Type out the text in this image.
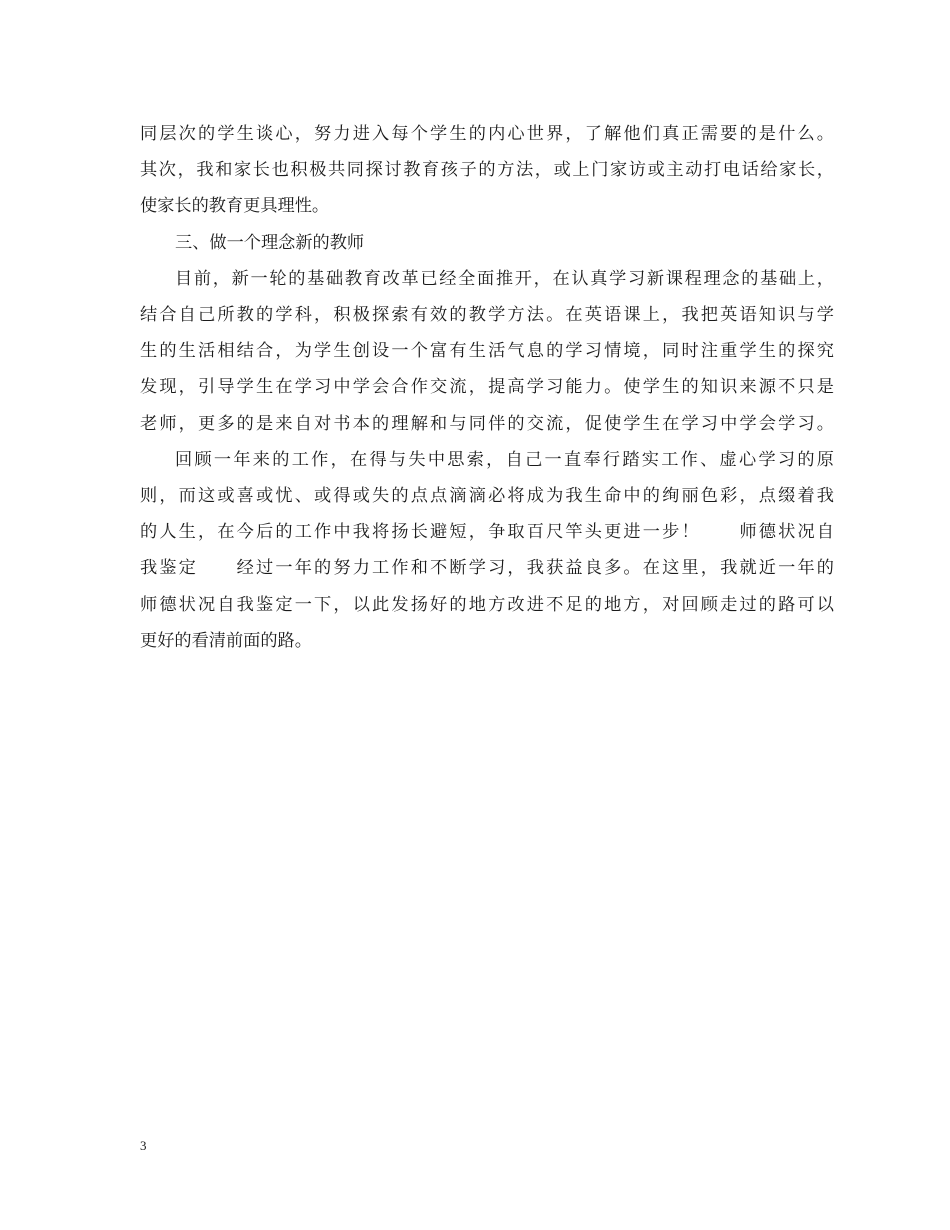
同层次的学生谈心，努力进入每个学生的内心世界，了解他们真正需要的是什么。
其次，我和家长也积极共同探讨教育孩子的方法，或上门家访或主动打电话给家长，
使家长的教育更具理性。
三、做一个理念新的教师
目前，新一轮的基础教育改革已经全面推开，在认真学习新课程理念的基础上，
结合自己所教的学科，积极探索有效的教学方法。在英语课上，我把英语知识与学
生的生活相结合，为学生创设一个富有生活气息的学习情境，同时注重学生的探究
发现，引导学生在学习中学会合作交流，提高学习能力。使学生的知识来源不只是
老师，更多的是来自对书本的理解和与同伴的交流，促使学生在学习中学会学习。
回顾一年来的工作，在得与失中思索，自己一直奉行踏实工作、虚心学习的原
则，而这或喜或忧、或得或失的点点滴滴必将成为我生命中的绚丽色彩，点缀着我
的人生，在今后的工作中我将扬长避短，争取百尺竿头更进一步！　　师德状况自
我鉴定　　经过一年的努力工作和不断学习，我获益良多。在这里，我就近一年的
师德状况自我鉴定一下，以此发扬好的地方改进不足的地方，对回顾走过的路可以
更好的看清前面的路。
3
